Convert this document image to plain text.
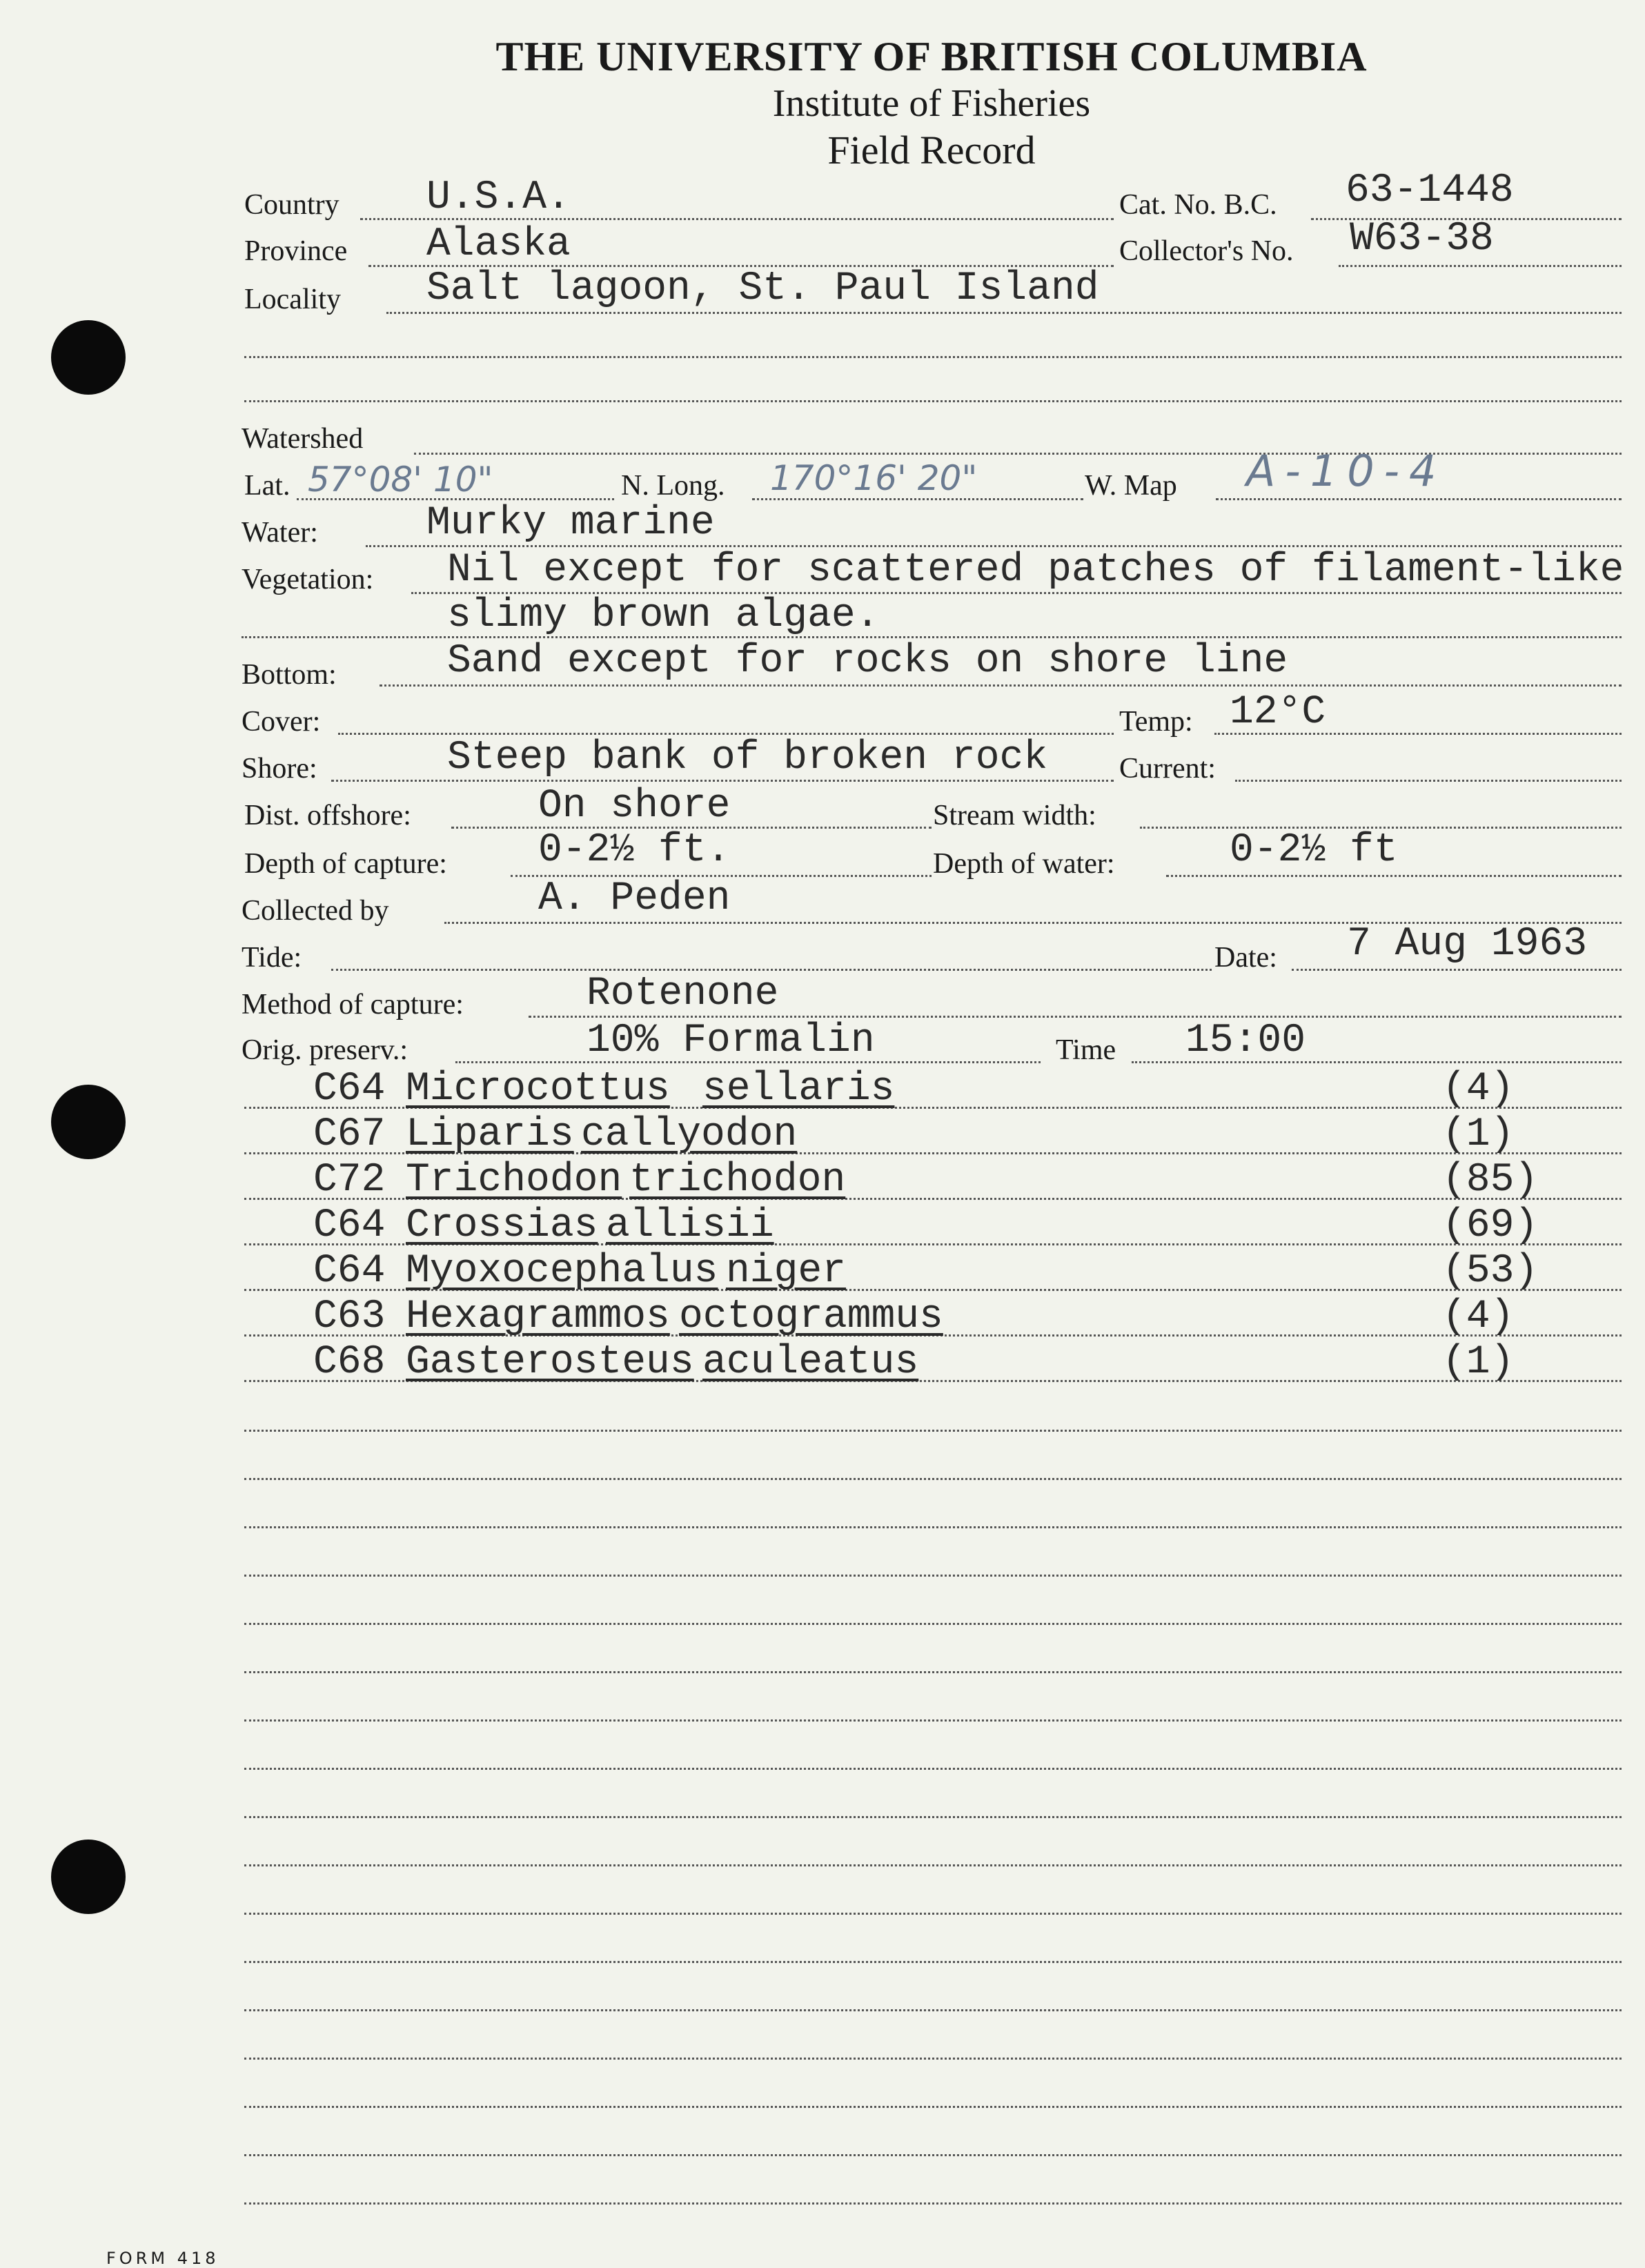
THE UNIVERSITY OF BRITISH COLUMBIA
Institute of Fisheries
Field Record
Country U.S.A.	Cat. No. B.C. 63-1448
Province Alaska	Collector's No. W63-38
Locality Salt lagoon, St. Paul Island
Watershed
Lat. 57°08' 10"	N. Long. 170°16' 20"	W. Map A-10-4
Water:	Murky marine
Vegetation: Nil except for scattered patches of filament-like
slimy brown algae.
Bottom:	Sand except for rocks on shore line
Cover:	Temp: 12°C
Shore:	Steep bank of broken rock Current:
Dist. offshore:	On shore	Stream width:
Depth of capture: 0-2½ ft.	Depth of water:	0-2½ ft
Collected by	A. Peden
Tide:	Date: 7 Aug 1963
Method of capture:	Rotenone
Orig. preserv.:	10% Formalin	Time 15:00
C64 Microcottus sellaris	(4)
C67 Liparis callyodon	(1)
C72 Trichodon trichodon	(85)
C64 Crossias allisii	(69)
C64 Myoxocephalus niger	(53)
C63 Hexagrammos octogrammus	(4)
C68 Gasterosteus aculeatus	(1)
FORM 418
